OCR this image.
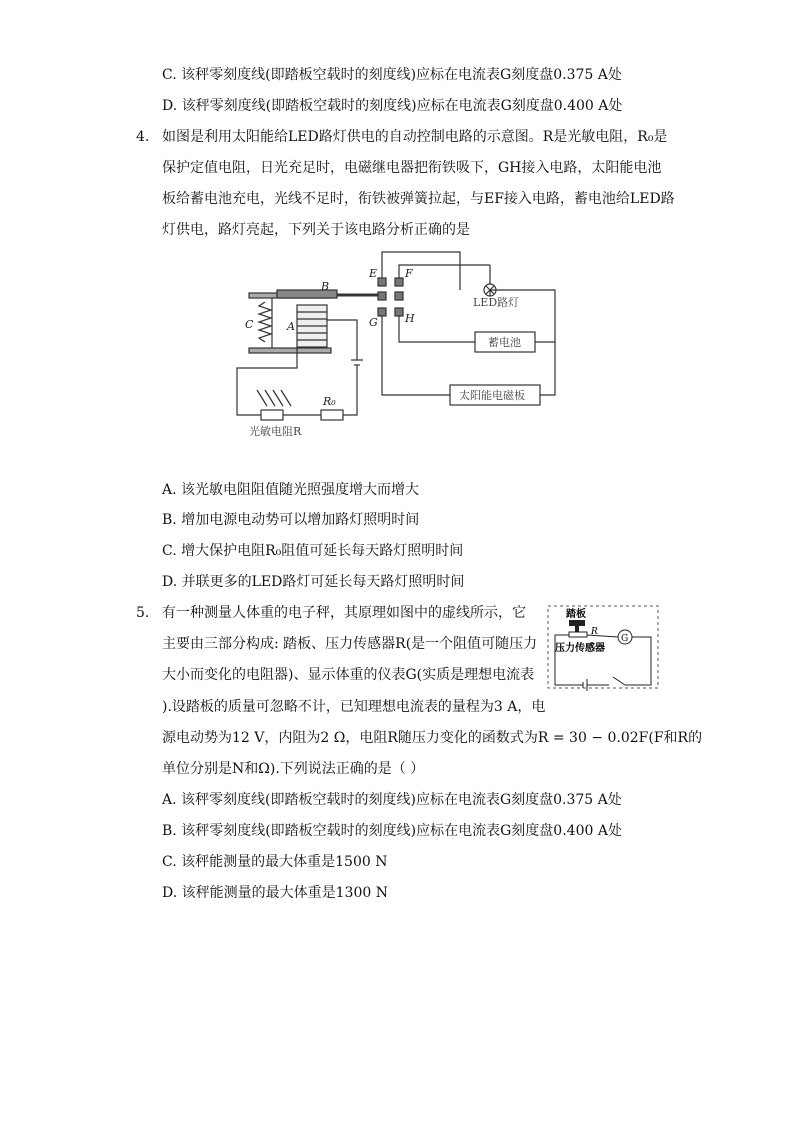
C. 该秤零刻度线(即踏板空载时的刻度线)应标在电流表G刻度盘0.375 A处
D. 该秤零刻度线(即踏板空载时的刻度线)应标在电流表G刻度盘0.400 A处
4. 如图是利用太阳能给LED路灯供电的自动控制电路的示意图。R是光敏电阻，R₀是
保护定值电阻，日光充足时，电磁继电器把衔铁吸下，GH接入电路，太阳能电池
板给蓄电池充电，光线不足时，衔铁被弹簧拉起，与EF接入电路，蓄电池给LED路
灯供电，路灯亮起，下列关于该电路分析正确的是
E	F
G H
A
B
C
R₀
LED路灯
蓄电池
太阳能电磁板
光敏电阻R
A. 该光敏电阻阻值随光照强度增大而增大
B. 增加电源电动势可以增加路灯照明时间
C. 增大保护电阻R₀阻值可延长每天路灯照明时间
D. 并联更多的LED路灯可延长每天路灯照明时间
5. 有一种测量人体重的电子秤，其原理如图中的虚线所示，它
主要由三部分构成: 踏板、压力传感器R(是一个阻值可随压力
大小而变化的电阻器)、显示体重的仪表G(实质是理想电流表
).设踏板的质量可忽略不计，已知理想电流表的量程为3 A，电
源电动势为12 V，内阻为2 Ω，电阻R随压力变化的函数式为R = 30 − 0.02F(F和R的
单位分别是N和Ω).下列说法正确的是（ ）
踏板
R
压力传感器
G
A. 该秤零刻度线(即踏板空载时的刻度线)应标在电流表G刻度盘0.375 A处
B. 该秤零刻度线(即踏板空载时的刻度线)应标在电流表G刻度盘0.400 A处
C. 该秤能测量的最大体重是1500 N
D. 该秤能测量的最大体重是1300 N
